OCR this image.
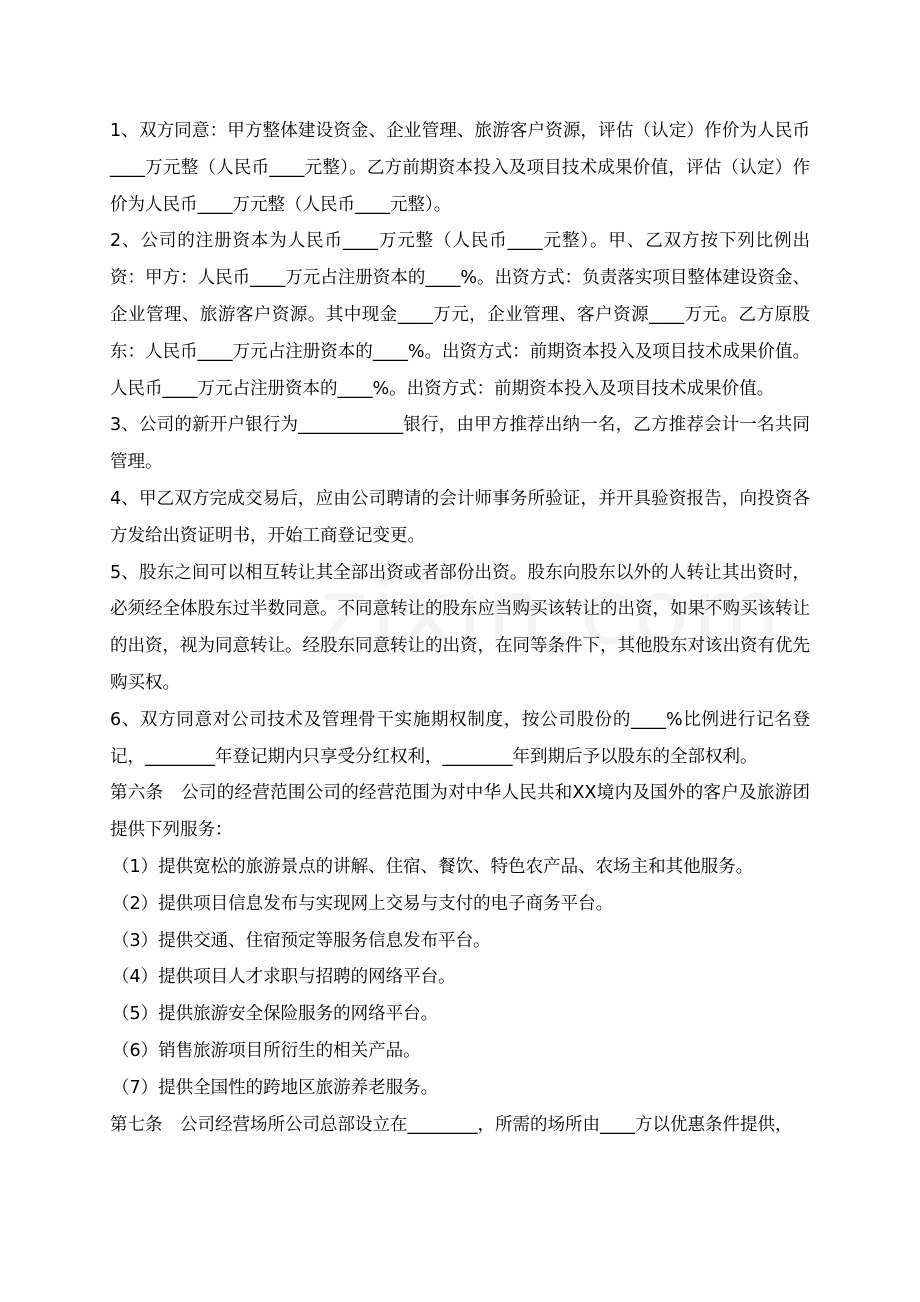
1、双方同意：甲方整体建设资金、企业管理、旅游客户资源，评估（认定）作价为人民币____万元整（人民币____元整）。乙方前期资本投入及项目技术成果价值，评估（认定）作价为人民币____万元整（人民币____元整）。

2、公司的注册资本为人民币____万元整（人民币____元整）。甲、乙双方按下列比例出资：甲方：人民币____万元占注册资本的____%。出资方式：负责落实项目整体建设资金、企业管理、旅游客户资源。其中现金____万元，企业管理、客户资源____万元。乙方原股东：人民币____万元占注册资本的____%。出资方式：前期资本投入及项目技术成果价值。人民币____万元占注册资本的____%。出资方式：前期资本投入及项目技术成果价值。

3、公司的新开户银行为____________银行，由甲方推荐出纳一名，乙方推荐会计一名共同管理。

4、甲乙双方完成交易后，应由公司聘请的会计师事务所验证，并开具验资报告，向投资各方发给出资证明书，开始工商登记变更。

5、股东之间可以相互转让其全部出资或者部份出资。股东向股东以外的人转让其出资时，必须经全体股东过半数同意。不同意转让的股东应当购买该转让的出资，如果不购买该转让的出资，视为同意转让。经股东同意转让的出资，在同等条件下，其他股东对该出资有优先购买权。

6、双方同意对公司技术及管理骨干实施期权制度，按公司股份的____%比例进行记名登记，________年登记期内只享受分红权利，________年到期后予以股东的全部权利。

第六条　公司的经营范围公司的经营范围为对中华人民共和XX境内及国外的客户及旅游团提供下列服务：

（1）提供宽松的旅游景点的讲解、住宿、餐饮、特色农产品、农场主和其他服务。

（2）提供项目信息发布与实现网上交易与支付的电子商务平台。

（3）提供交通、住宿预定等服务信息发布平台。

（4）提供项目人才求职与招聘的网络平台。

（5）提供旅游安全保险服务的网络平台。

（6）销售旅游项目所衍生的相关产品。

（7）提供全国性的跨地区旅游养老服务。

第七条　公司经营场所公司总部设立在________，所需的场所由____方以优惠条件提供，
